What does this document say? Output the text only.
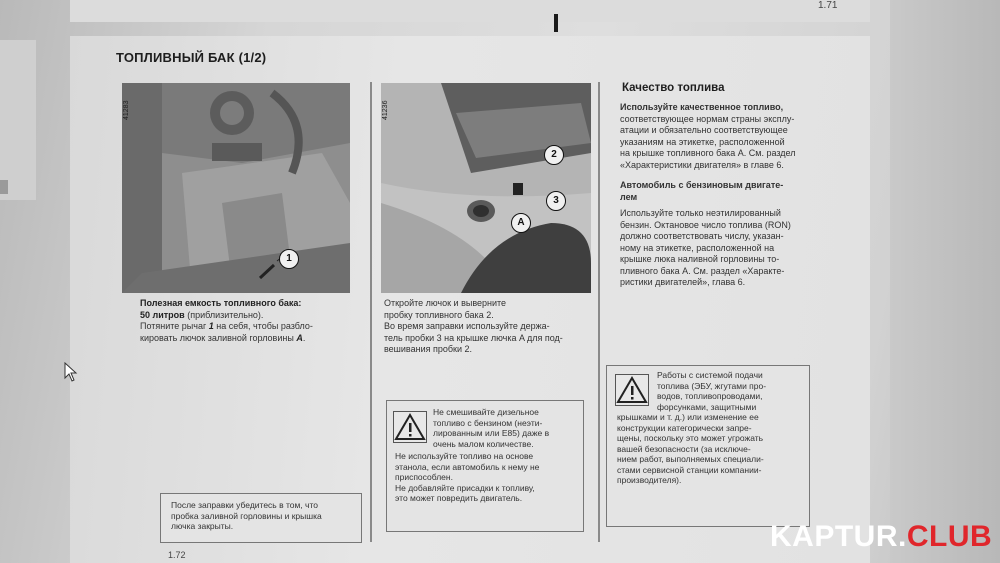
1.71
ТОПЛИВНЫЙ БАК (1/2)
1
41283
2
3
A
41236
Полезная емкость топливного бака:
50 литров (приблизительно).
Потяните рычаг 1 на себя, чтобы разбло-
кировать лючок заливной горловины A.
После заправки убедитесь в том, что
пробка заливной горловины и крышка
лючка закрыты.
Откройте лючок и выверните
пробку топливного бака 2.
Во время заправки используйте держа-
тель пробки 3 на крышке лючка A для под-
вешивания пробки 2.
Не смешивайте дизельное
топливо с бензином (неэти-
лированным или E85) даже в
очень малом количестве.
Не используйте топливо на основе
этанола, если автомобиль к нему не
приспособлен.
Не добавляйте присадки к топливу,
это может повредить двигатель.
Качество топлива
Используйте качественное топливо,
соответствующее нормам страны эксплу-
атации и обязательно соответствующее
указаниям на этикетке, расположенной
на крышке топливного бака A. См. раздел
«Характеристики двигателя» в главе 6.
Автомобиль с бензиновым двигате-
лем
Используйте только неэтилированный
бензин. Октановое число топлива (RON)
должно соответствовать числу, указан-
ному на этикетке, расположенной на
крышке люка наливной горловины то-
пливного бака A. См. раздел «Характе-
ристики двигателей», глава 6.
Работы с системой подачи
топлива (ЭБУ, жгутами про-
водов, топливопроводами,
форсунками, защитными
крышками и т. д.) или изменение ее
конструкции категорически запре-
щены, поскольку это может угрожать
вашей безопасности (за исключе-
нием работ, выполняемых специали-
стами сервисной станции компании-
производителя).
1.72
KAPTUR.CLUB
